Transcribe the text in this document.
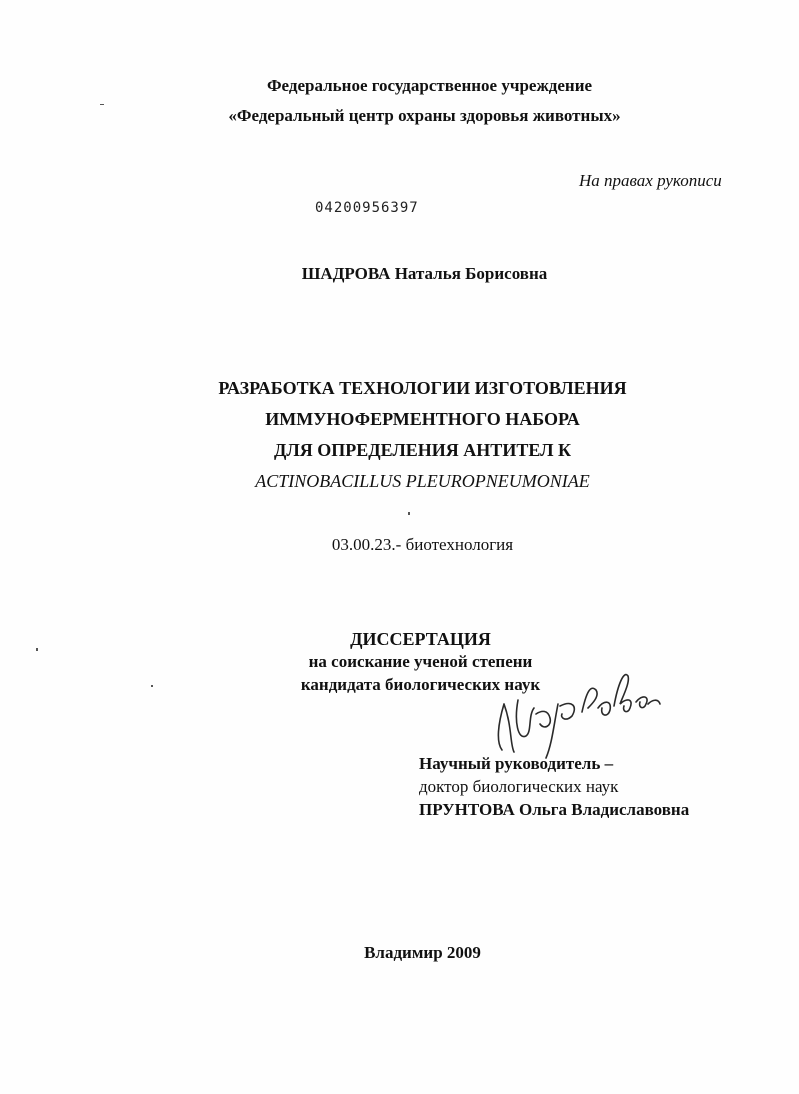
Федеральное государственное учреждение
«Федеральный центр охраны здоровья животных»
На правах рукописи
04200956397
ШАДРОВА Наталья Борисовна
РАЗРАБОТКА ТЕХНОЛОГИИ ИЗГОТОВЛЕНИЯ
ИММУНОФЕРМЕНТНОГО НАБОРА
ДЛЯ ОПРЕДЕЛЕНИЯ АНТИТЕЛ К
ACTINOBACILLUS PLEUROPNEUMONIAE
03.00.23.- биотехнология
ДИССЕРТАЦИЯ
на соискание ученой степени
кандидата биологических наук
Научный руководитель –
доктор биологических наук
ПРУНТОВА Ольга Владиславовна
Владимир 2009
